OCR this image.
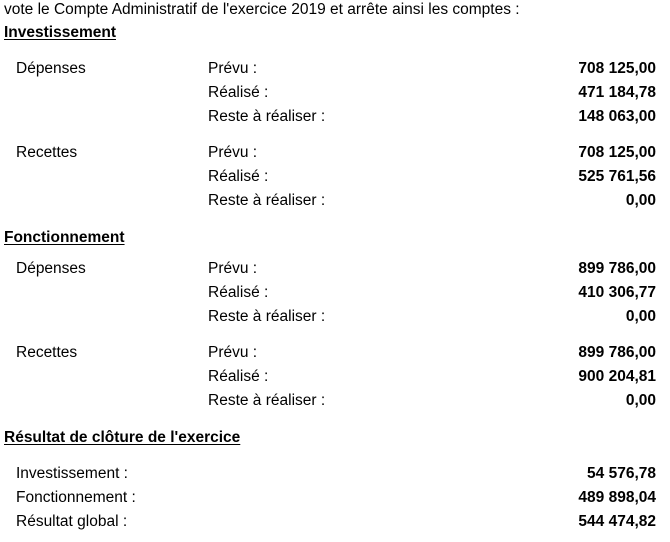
vote le Compte Administratif de l'exercice 2019 et arrête ainsi les comptes :
Investissement
Dépenses	Prévu :	708 125,00
Réalisé :	471 184,78
Reste à réaliser :	148 063,00
Recettes	Prévu :	708 125,00
Réalisé :	525 761,56
Reste à réaliser :	0,00
Fonctionnement
Dépenses	Prévu :	899 786,00
Réalisé :	410 306,77
Reste à réaliser :	0,00
Recettes	Prévu :	899 786,00
Réalisé :	900 204,81
Reste à réaliser :	0,00
Résultat de clôture de l'exercice
Investissement :	54 576,78
Fonctionnement :	489 898,04
Résultat global :	544 474,82
